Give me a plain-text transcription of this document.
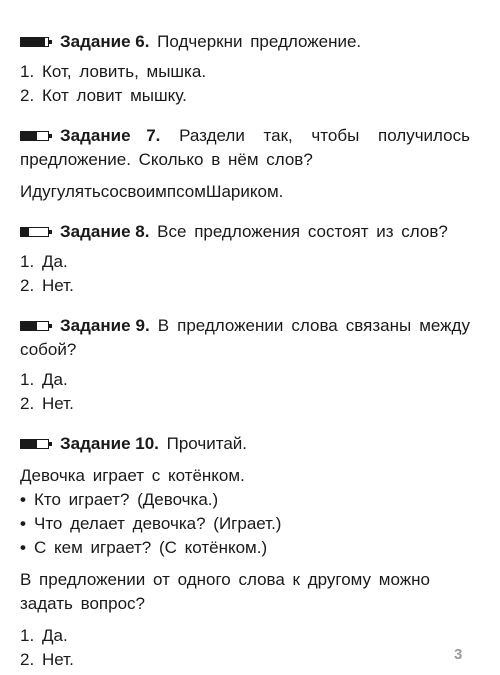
Задание 6. Подчеркни предложение.

1. Кот, ловить, мышка.
2. Кот ловит мышку.

Задание 7. Раздели так, чтобы получилось предложение. Сколько в нём слов?

ИдугулятьсосвоимпсомШариком.

Задание 8. Все предложения состоят из слов?

1. Да.
2. Нет.

Задание 9. В предложении слова связаны между собой?

1. Да.
2. Нет.

Задание 10. Прочитай.

Девочка играет с котёнком.

• Кто играет? (Девочка.)
• Что делает девочка? (Играет.)
• С кем играет? (С котёнком.)

В предложении от одного слова к другому можно задать вопрос?

1. Да.
2. Нет.	3
